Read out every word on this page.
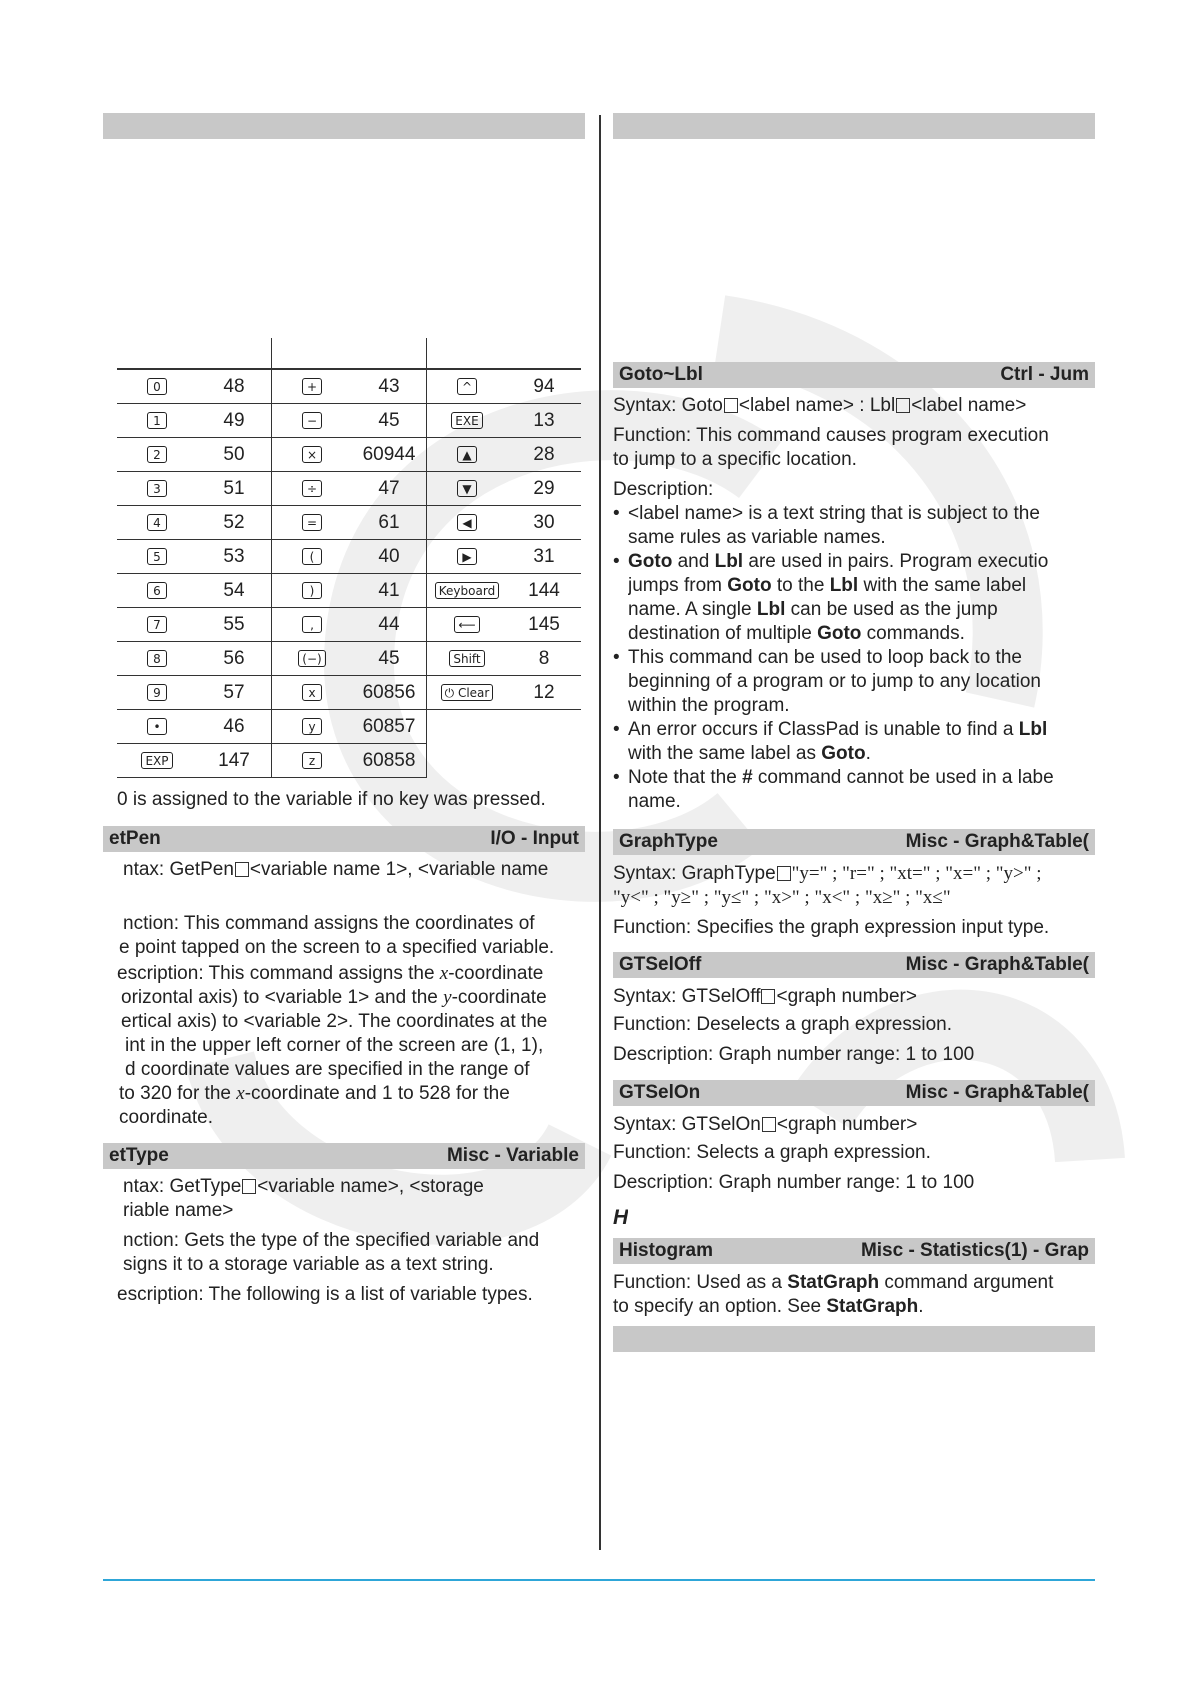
0	48	+	43	^	94
1	49	−	45	EXE	13
2	50	×	60944	▲	28
3	51	÷	47	▼	29
4	52	=	61	◀	30
5	53	(	40	▶	31
6	54	)	41	Keyboard	144
7	55	,	44	⟵	145
8	56	(−)	45	Shift	8
9	57	x	60856	⏻ Clear	12
•	46	y	60857		
EXP	147	z	60858		
0 is assigned to the variable if no key was pressed.
etPen	I/O - Input
ntax: GetPen <variable name 1>, <variable name
nction: This command assigns the coordinates of
e point tapped on the screen to a specified variable.
escription: This command assigns the x-coordinate
orizontal axis) to <variable 1> and the y-coordinate
ertical axis) to <variable 2>. The coordinates at the
int in the upper left corner of the screen are (1, 1),
d coordinate values are specified in the range of
to 320 for the x-coordinate and 1 to 528 for the
coordinate.
etType	Misc - Variable
ntax: GetType <variable name>, <storage
riable name>
nction: Gets the type of the specified variable and
signs it to a storage variable as a text string.
escription: The following is a list of variable types.
Goto~Lbl	Ctrl - Jum
Syntax: Goto <label name> : Lbl <label name>
Function: This command causes program execution
to jump to a specific location.
Description:
• <label name> is a text string that is subject to the
same rules as variable names.
• Goto and Lbl are used in pairs. Program executio
jumps from Goto to the Lbl with the same label
name. A single Lbl can be used as the jump
destination of multiple Goto commands.
• This command can be used to loop back to the
beginning of a program or to jump to any location
within the program.
• An error occurs if ClassPad is unable to find a Lbl
with the same label as Goto.
• Note that the # command cannot be used in a labe
name.
GraphType	Misc - Graph&Table(
Syntax: GraphType "y=" ; "r=" ; "xt=" ; "x=" ; "y>" ;
"y<" ; "y≥" ; "y≤" ; "x>" ; "x<" ; "x≥" ; "x≤"
Function: Specifies the graph expression input type.
GTSelOff	Misc - Graph&Table(
Syntax: GTSelOff <graph number>
Function: Deselects a graph expression.
Description: Graph number range: 1 to 100
GTSelOn	Misc - Graph&Table(
Syntax: GTSelOn <graph number>
Function: Selects a graph expression.
Description: Graph number range: 1 to 100
H
Histogram	Misc - Statistics(1) - Grap
Function: Used as a StatGraph command argument
to specify an option. See StatGraph.
